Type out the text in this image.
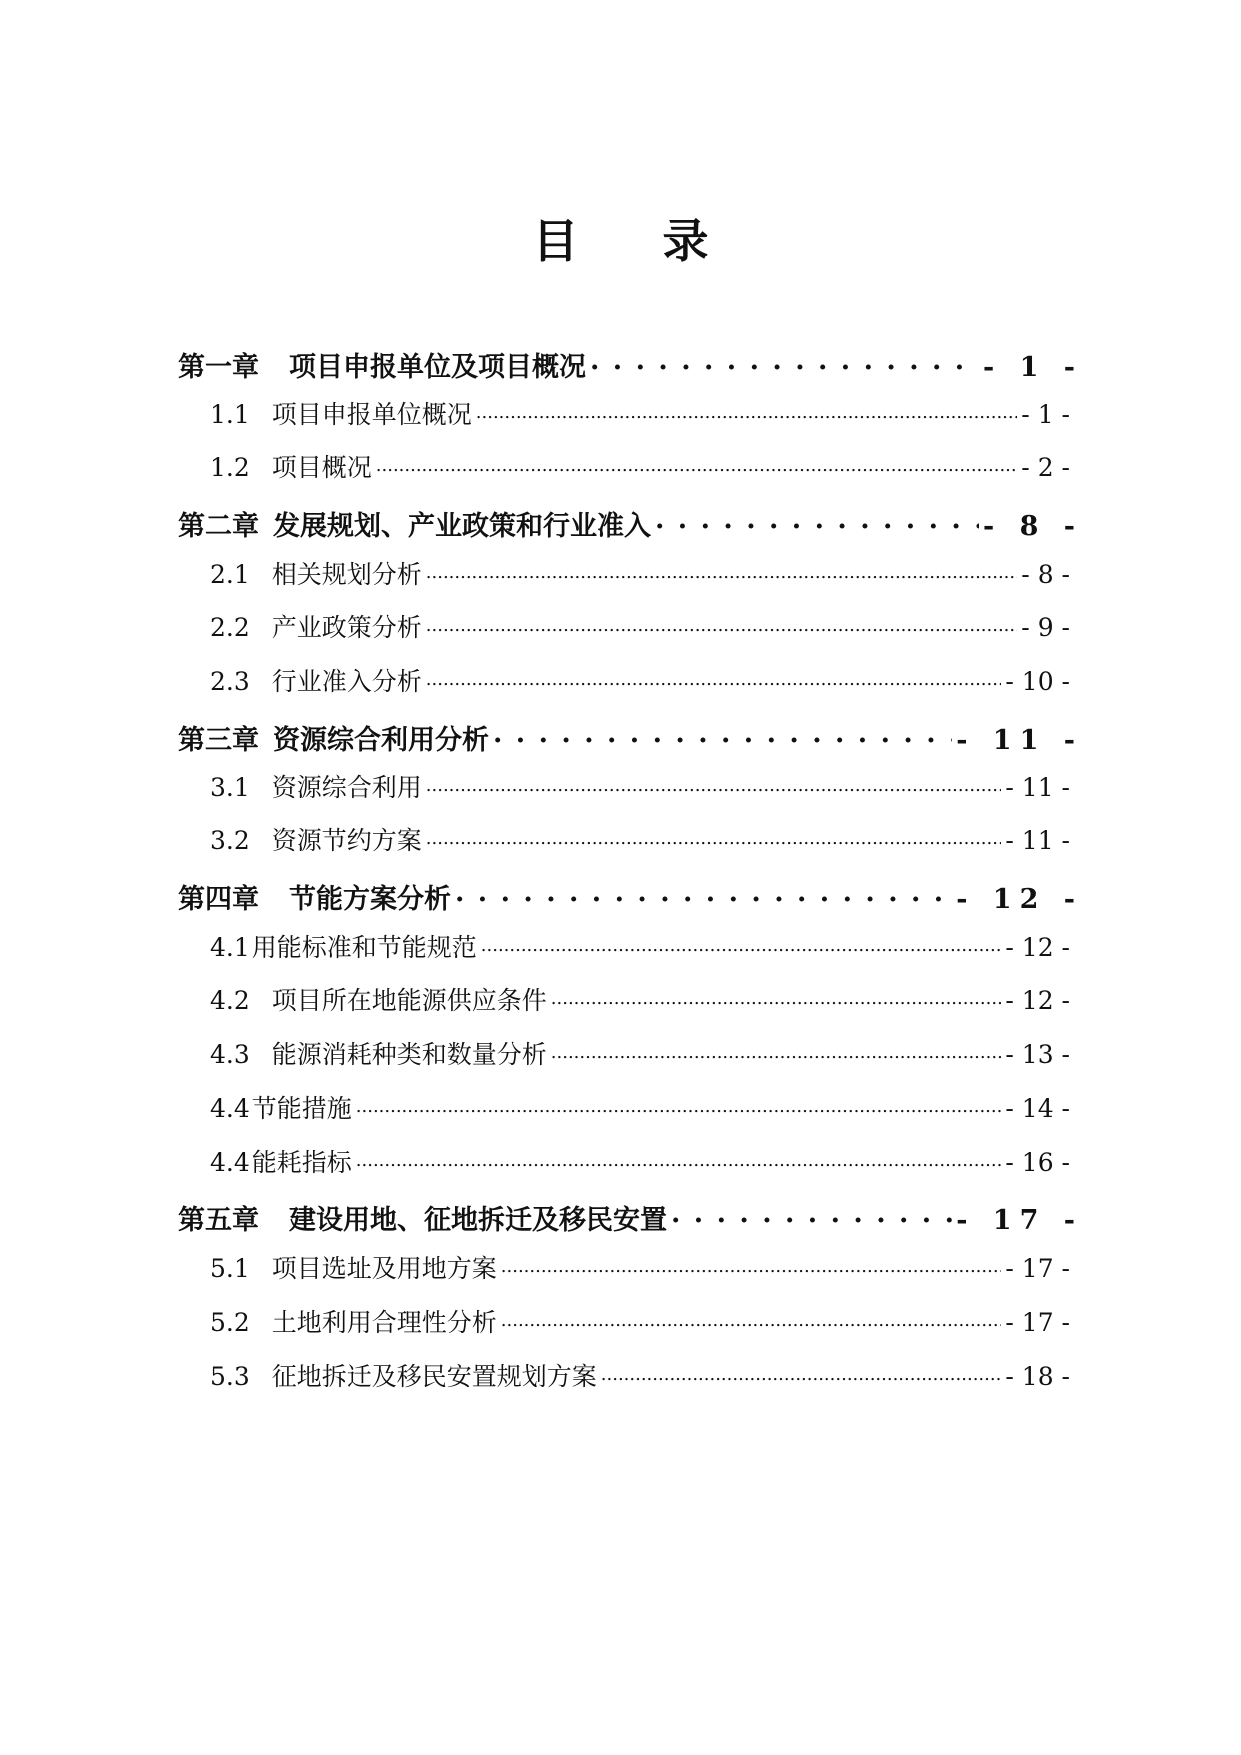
目录
第一章 项目申报单位及项目概况 . . .	- 1 -
1.1 项目申报单位概况 .....	- 1 -
1.2 项目概况 .....	- 2 -
第二章 发展规划、产业政策和行业准入 . . .	- 8 -
2.1 相关规划分析 .....	- 8 -
2.2 产业政策分析 .....	- 9 -
2.3 行业准入分析 .....	- 10 -
第三章 资源综合利用分析 . . .	- 11 -
3.1 资源综合利用 .....	- 11 -
3.2 资源节约方案 .....	- 11 -
第四章 节能方案分析 . . .	- 12 -
4.1 用能标准和节能规范 .....	- 12 -
4.2 项目所在地能源供应条件 .....	- 12 -
4.3 能源消耗种类和数量分析 .....	- 13 -
4.4 节能措施 .....	- 14 -
4.4 能耗指标 .....	- 16 -
第五章 建设用地、征地拆迁及移民安置 . . .	- 17 -
5.1 项目选址及用地方案 .....	- 17 -
5.2 土地利用合理性分析 .....	- 17 -
5.3 征地拆迁及移民安置规划方案 .....	- 18 -
